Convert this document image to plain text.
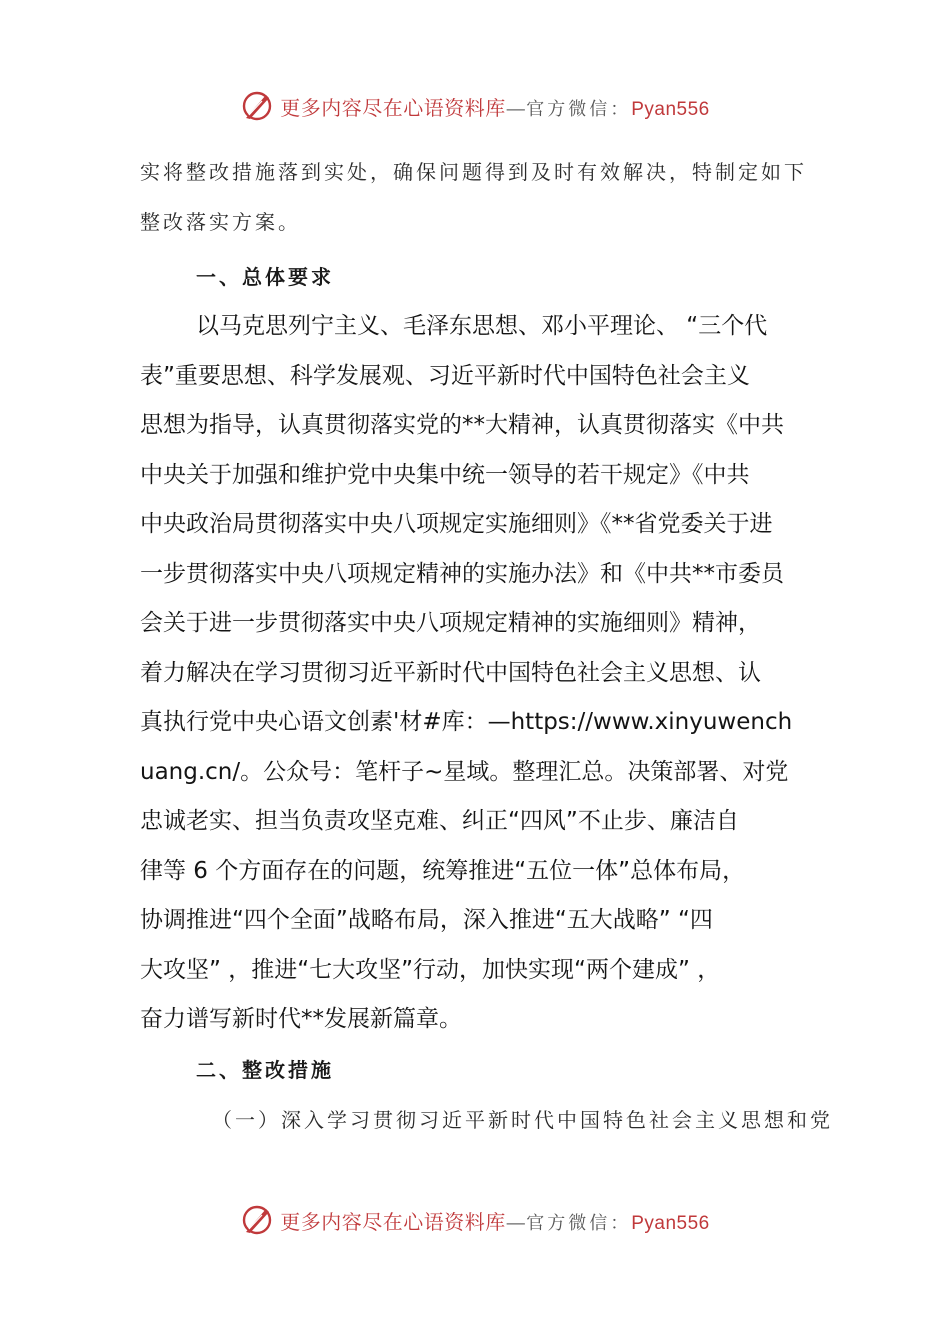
更多内容尽在心语资料库—官方微信：Pyan556
实将整改措施落到实处，确保问题得到及时有效解决，特制定如下
整改落实方案。
一、总体要求
以马克思列宁主义、毛泽东思想、邓小平理论、 “三个代
表”重要思想、科学发展观、习近平新时代中国特色社会主义
思想为指导，认真贯彻落实党的**大精神，认真贯彻落实《中共
中央关于加强和维护党中央集中统一领导的若干规定》《中共
中央政治局贯彻落实中央八项规定实施细则》《**省党委关于进
一步贯彻落实中央八项规定精神的实施办法》和《中共**市委员
会关于进一步贯彻落实中央八项规定精神的实施细则》精神，
着力解决在学习贯彻习近平新时代中国特色社会主义思想、认
真执行党中央心语文创素'材#库：—https://www.xinyuwench
uang.cn/。公众号：笔杆子~星域。整理汇总。决策部署、对党
忠诚老实、担当负责攻坚克难、纠正“四风”不止步、廉洁自
律等 6 个方面存在的问题，统筹推进“五位一体”总体布局，
协调推进“四个全面”战略布局，深入推进“五大战略” “四
大攻坚” ，推进“七大攻坚”行动，加快实现“两个建成” ，
奋力谱写新时代**发展新篇章。
二、整改措施
（一）深入学习贯彻习近平新时代中国特色社会主义思想和党
更多内容尽在心语资料库—官方微信：Pyan556
